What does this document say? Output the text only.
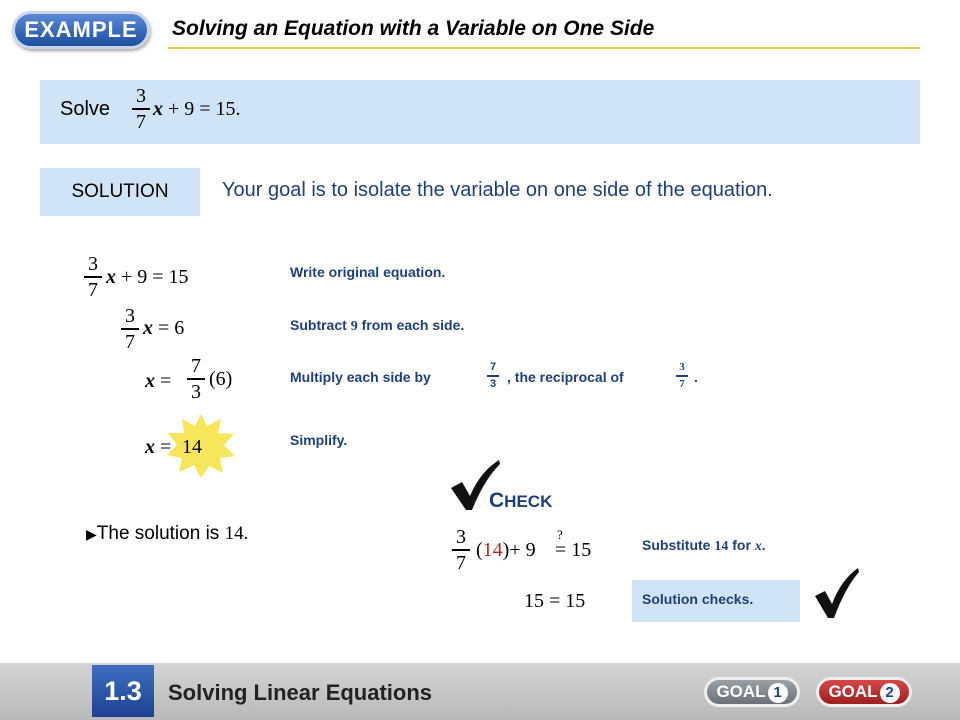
EXAMPLE	Solving an Equation with a Variable on One Side
Solve
3
7
x + 9 = 15.
SOLUTION	Your goal is to isolate the variable on one side of the equation.
3
7
x + 9 = 15	Write original equation.
3
7
x = 6	Subtract 9 from each side.
x =
7
3
(6)	Multiply each side by
7
3 , the reciprocal of
3
7 .
x = 14	Simplify.
▶The solution is 14.
CHECK
3
7
(14)+ 9
?
= 15	Substitute 14 for x.
15 = 15	Solution checks.
1.3	Solving Linear Equations	GOAL 1	GOAL 2
